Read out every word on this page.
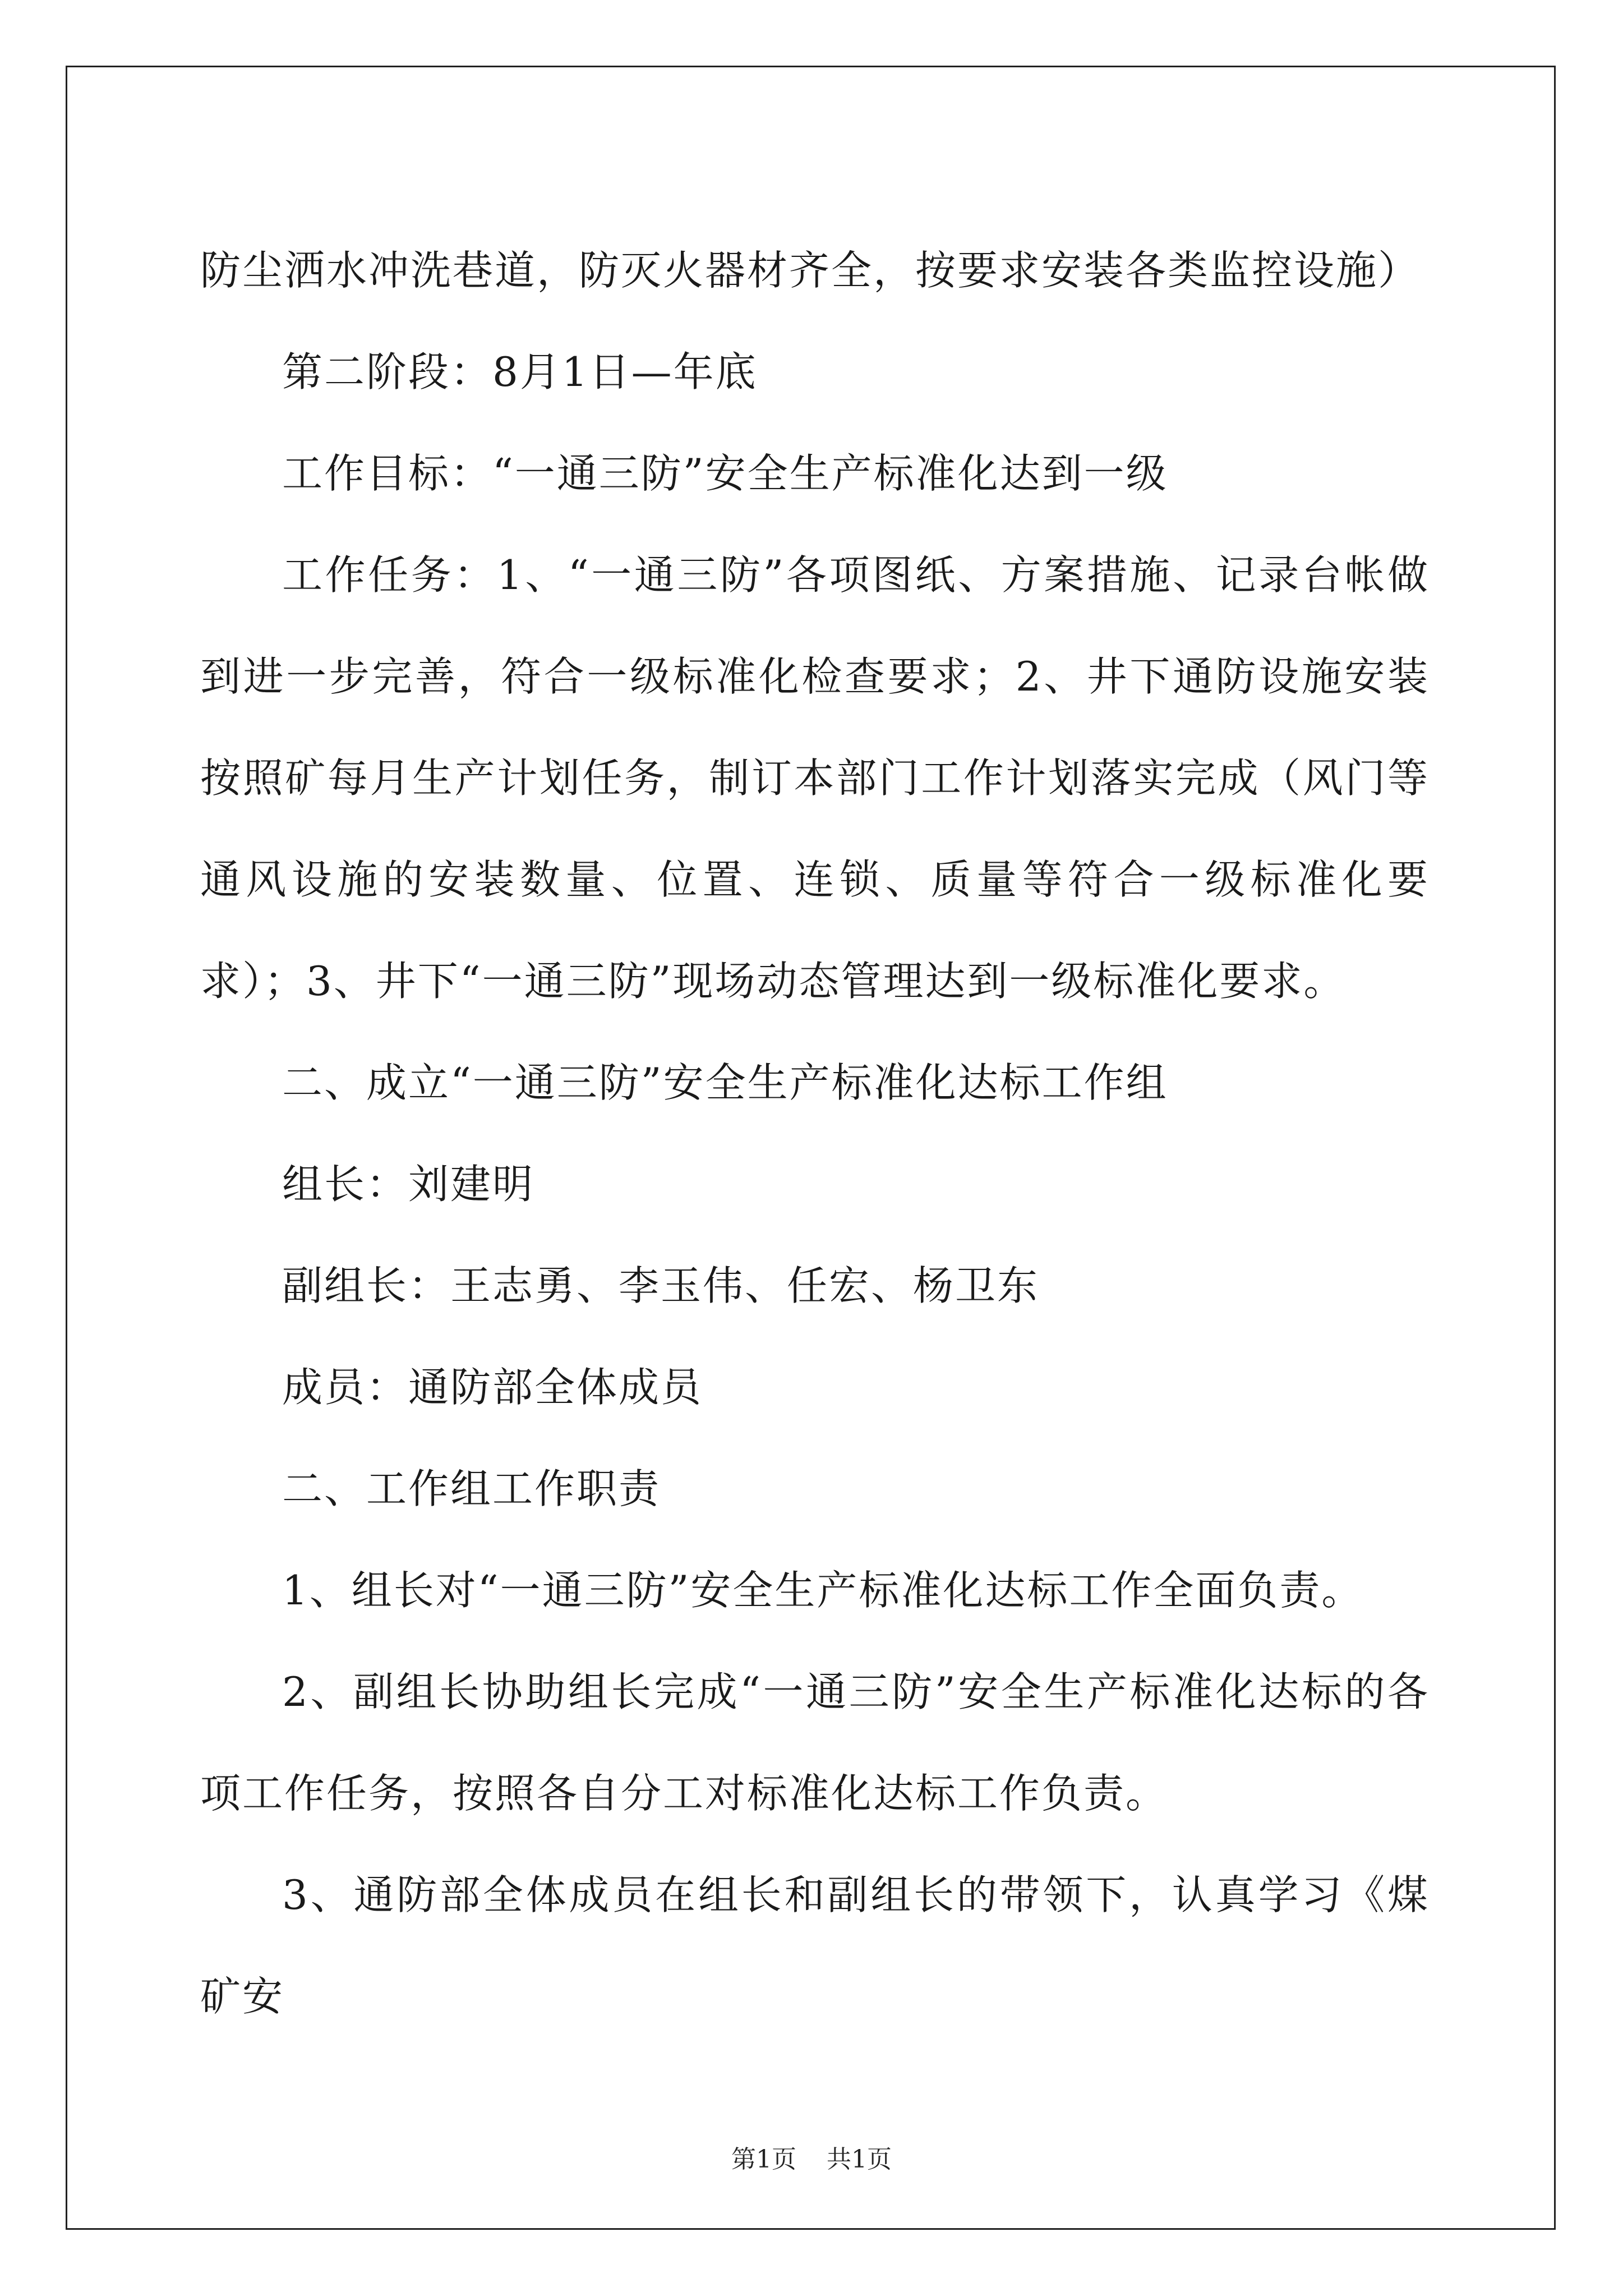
防尘洒水冲洗巷道，防灭火器材齐全，按要求安装各类监控设施）

第二阶段：8月1日—年底

工作目标：“一通三防”安全生产标准化达到一级

工作任务：1、“一通三防”各项图纸、方案措施、记录台帐做到进一步完善，符合一级标准化检查要求；2、井下通防设施安装按照矿每月生产计划任务，制订本部门工作计划落实完成（风门等通风设施的安装数量、位置、连锁、质量等符合一级标准化要求）；3、井下“一通三防”现场动态管理达到一级标准化要求。

二、成立“一通三防”安全生产标准化达标工作组

组长：刘建明

副组长：王志勇、李玉伟、任宏、杨卫东

成员：通防部全体成员

二、工作组工作职责

1、组长对“一通三防”安全生产标准化达标工作全面负责。

2、副组长协助组长完成“一通三防”安全生产标准化达标的各项工作任务，按照各自分工对标准化达标工作负责。

3、通防部全体成员在组长和副组长的带领下，认真学习《煤矿安

第1页 共1页
